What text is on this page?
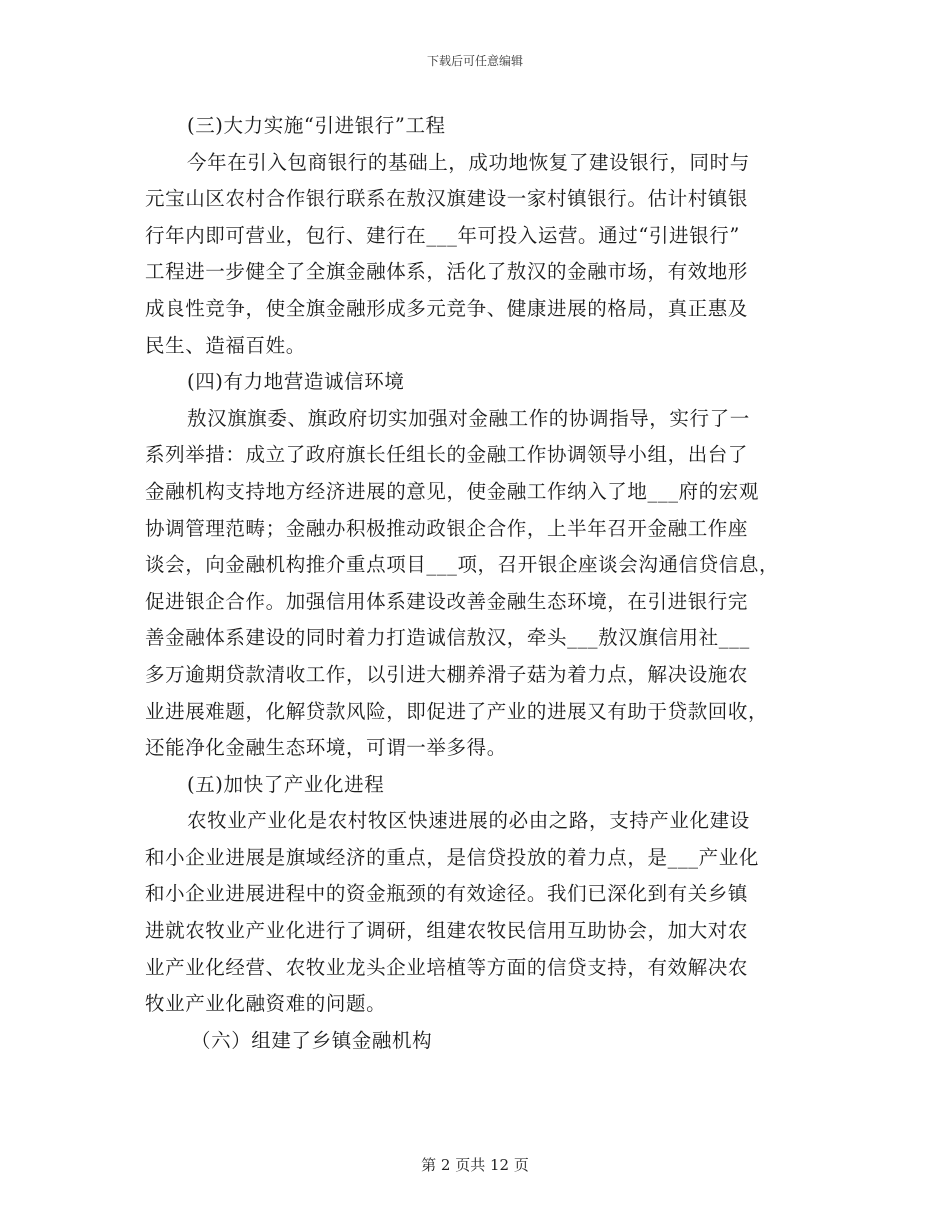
下载后可任意编辑
(三)大力实施“引进银行”工程
今年在引入包商银行的基础上，成功地恢复了建设银行，同时与
元宝山区农村合作银行联系在敖汉旗建设一家村镇银行。估计村镇银
行年内即可营业，包行、建行在___年可投入运营。通过“引进银行”
工程进一步健全了全旗金融体系，活化了敖汉的金融市场，有效地形
成良性竞争，使全旗金融形成多元竞争、健康进展的格局，真正惠及
民生、造福百姓。
(四)有力地营造诚信环境
敖汉旗旗委、旗政府切实加强对金融工作的协调指导，实行了一
系列举措：成立了政府旗长任组长的金融工作协调领导小组，出台了
金融机构支持地方经济进展的意见，使金融工作纳入了地___府的宏观
协调管理范畴；金融办积极推动政银企合作，上半年召开金融工作座
谈会，向金融机构推介重点项目___项，召开银企座谈会沟通信贷信息，
促进银企合作。加强信用体系建设改善金融生态环境，在引进银行完
善金融体系建设的同时着力打造诚信敖汉，牵头___敖汉旗信用社___
多万逾期贷款清收工作，以引进大棚养滑子菇为着力点，解决设施农
业进展难题，化解贷款风险，即促进了产业的进展又有助于贷款回收，
还能净化金融生态环境，可谓一举多得。
(五)加快了产业化进程
农牧业产业化是农村牧区快速进展的必由之路，支持产业化建设
和小企业进展是旗域经济的重点，是信贷投放的着力点，是___产业化
和小企业进展进程中的资金瓶颈的有效途径。我们已深化到有关乡镇
进就农牧业产业化进行了调研，组建农牧民信用互助协会，加大对农
业产业化经营、农牧业龙头企业培植等方面的信贷支持，有效解决农
牧业产业化融资难的问题。
（六）组建了乡镇金融机构
第 2 页共 12 页
